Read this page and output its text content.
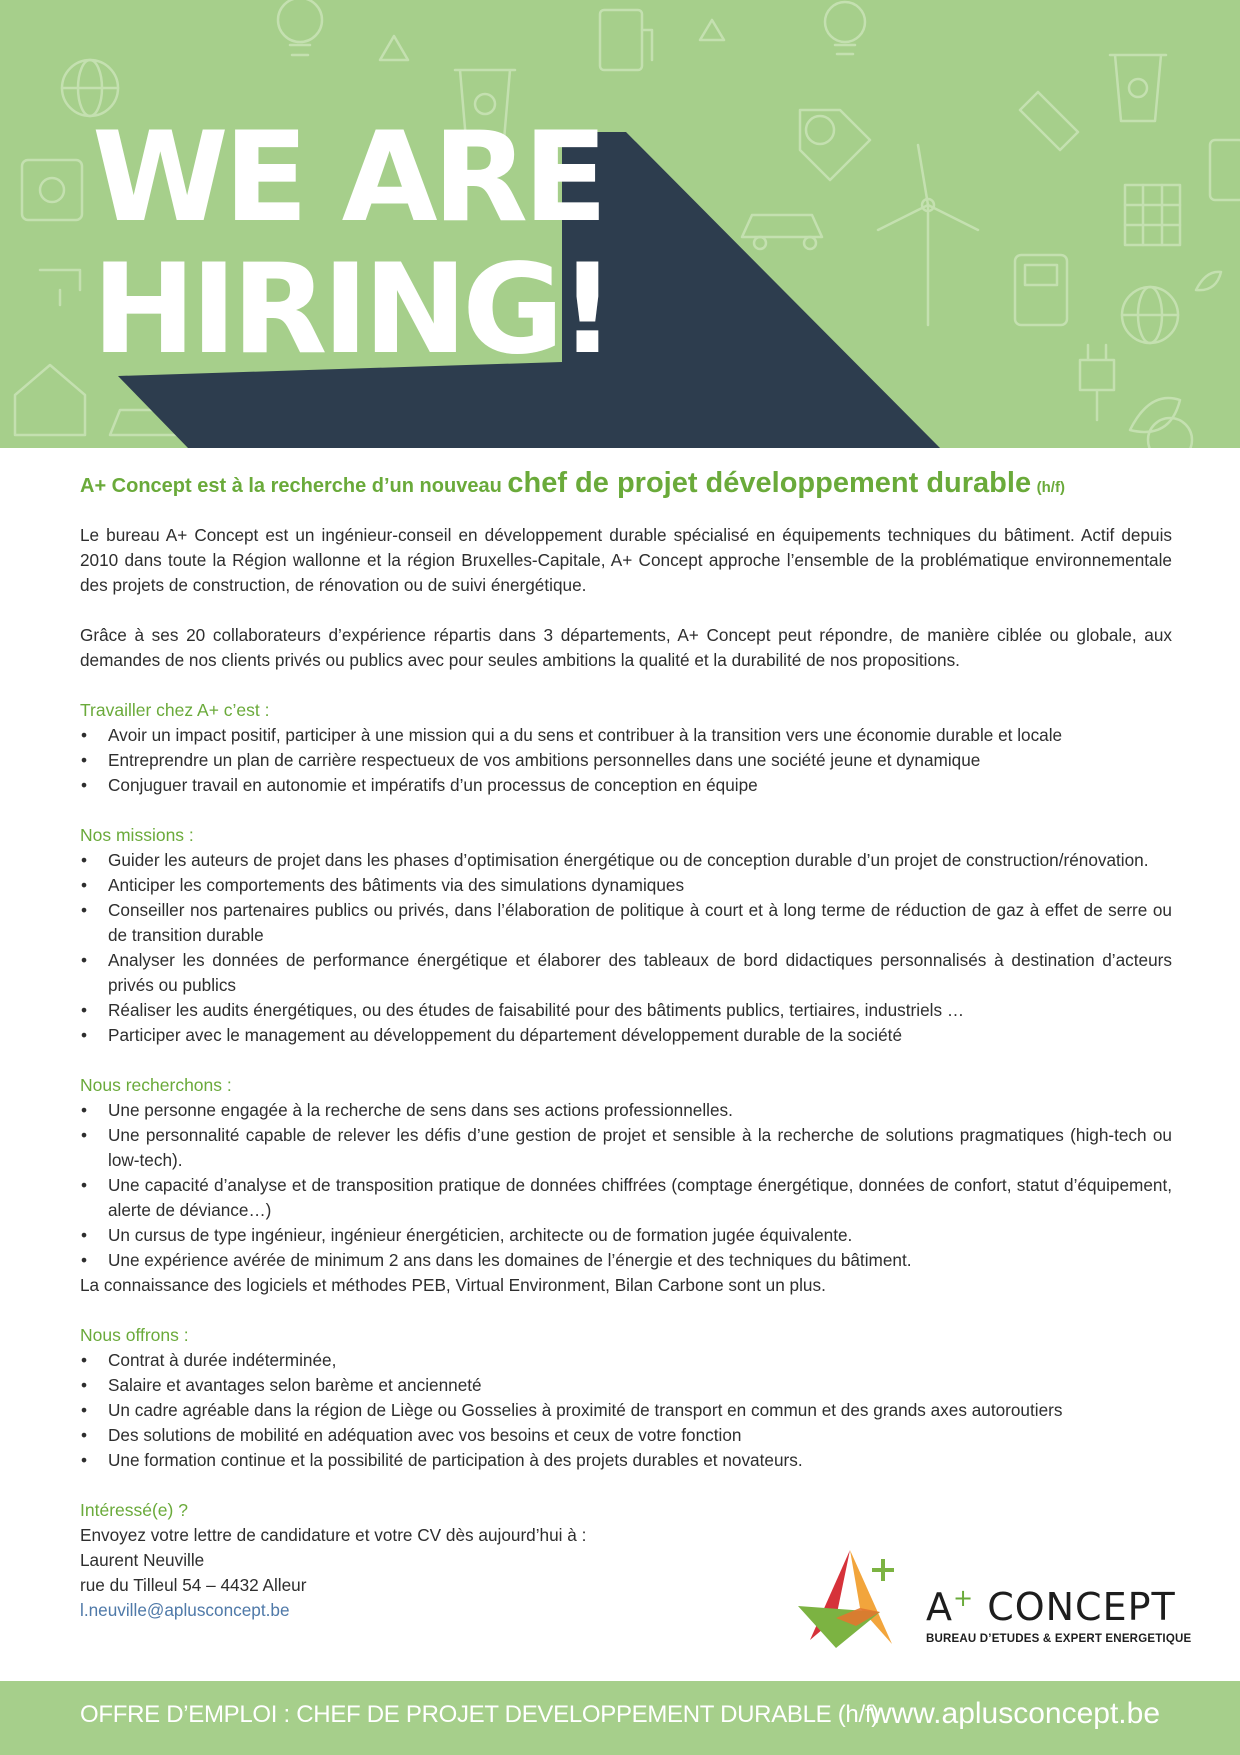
WE ARE
HIRING!
A+ Concept est à la recherche d’un nouveau chef de projet développement durable (h/f)

Le bureau A+ Concept est un ingénieur-conseil en développement durable spécialisé en équipements techniques du bâtiment. Actif depuis 2010 dans toute la Région wallonne et la région Bruxelles-Capitale, A+ Concept approche l’ensemble de la problématique environnementale des projets de construction, de rénovation ou de suivi énergétique.

Grâce à ses 20 collaborateurs d’expérience répartis dans 3 départements, A+ Concept peut répondre, de manière ciblée ou globale, aux demandes de nos clients privés ou publics avec pour seules ambitions la qualité et la durabilité de nos propositions.

Travailler chez A+ c’est :
• Avoir un impact positif, participer à une mission qui a du sens et contribuer à la transition vers une économie durable et locale
• Entreprendre un plan de carrière respectueux de vos ambitions personnelles dans une société jeune et dynamique
• Conjuguer travail en autonomie et impératifs d’un processus de conception en équipe
Nos missions :
• Guider les auteurs de projet dans les phases d’optimisation énergétique ou de conception durable d’un projet de construction/rénovation.
• Anticiper les comportements des bâtiments via des simulations dynamiques
• Conseiller nos partenaires publics ou privés, dans l’élaboration de politique à court et à long terme de réduction de gaz à effet de serre ou de transition durable
• Analyser les données de performance énergétique et élaborer des tableaux de bord didactiques personnalisés à destination d’acteurs privés ou publics
• Réaliser les audits énergétiques, ou des études de faisabilité pour des bâtiments publics, tertiaires, industriels …
• Participer avec le management au développement du département développement durable de la société
Nous recherchons :
• Une personne engagée à la recherche de sens dans ses actions professionnelles.
• Une personnalité capable de relever les défis d’une gestion de projet et sensible à la recherche de solutions pragmatiques (high-tech ou low-tech).
• Une capacité d’analyse et de transposition pratique de données chiffrées (comptage énergétique, données de confort, statut d’équipement, alerte de déviance…)
• Un cursus de type ingénieur, ingénieur énergéticien, architecte ou de formation jugée équivalente.
• Une expérience avérée de minimum 2 ans dans les domaines de l’énergie et des techniques du bâtiment.
La connaissance des logiciels et méthodes PEB, Virtual Environment, Bilan Carbone sont un plus.
Nous offrons :
• Contrat à durée indéterminée,
• Salaire et avantages selon barème et ancienneté
• Un cadre agréable dans la région de Liège ou Gosselies à proximité de transport en commun et des grands axes autoroutiers
• Des solutions de mobilité en adéquation avec vos besoins et ceux de votre fonction
• Une formation continue et la possibilité de participation à des projets durables et novateurs.
Intéressé(e) ?
Envoyez votre lettre de candidature et votre CV dès aujourd’hui à :
Laurent Neuville
rue du Tilleul 54 – 4432 Alleur
l.neuville@aplusconcept.be	A+ CONCEPT
BUREAU D’ETUDES & EXPERT ENERGETIQUE
OFFRE D’EMPLOI : CHEF DE PROJET DEVELOPPEMENT DURABLE (h/f)
www.aplusconcept.be
